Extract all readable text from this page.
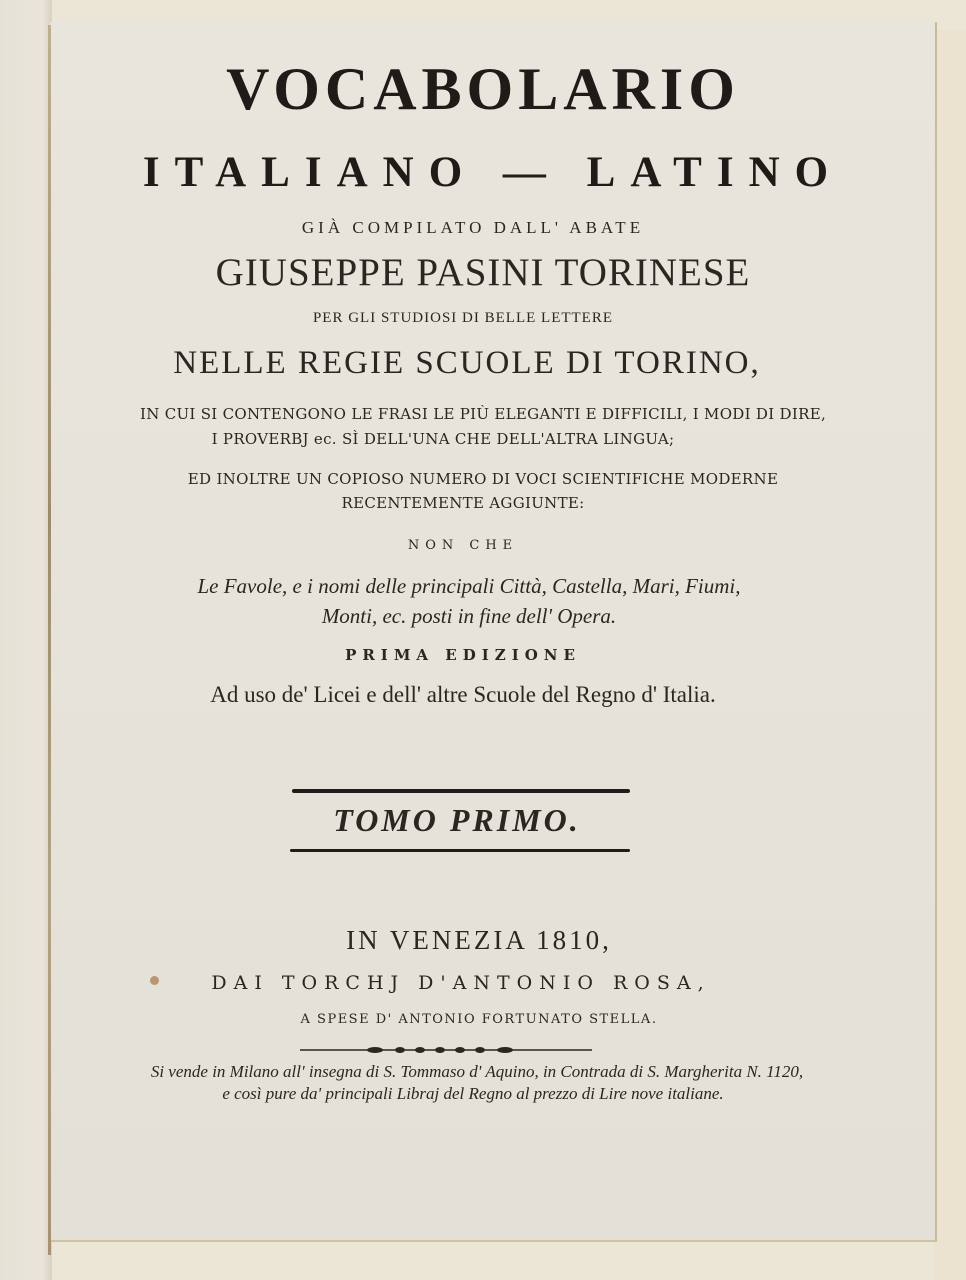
VOCABOLARIO
ITALIANO — LATINO
GIÀ COMPILATO DALL' ABATE
GIUSEPPE PASINI TORINESE
PER GLI STUDIOSI DI BELLE LETTERE
NELLE REGIE SCUOLE DI TORINO,
IN CUI SI CONTENGONO LE FRASI LE PIÙ ELEGANTI E DIFFICILI, I MODI DI DIRE,
I PROVERBJ ec. SÌ DELL'UNA CHE DELL'ALTRA LINGUA;
ED INOLTRE UN COPIOSO NUMERO DI VOCI SCIENTIFICHE MODERNE
RECENTEMENTE AGGIUNTE:
NON CHE
Le Favole, e i nomi delle principali Città, Castella, Mari, Fiumi,
Monti, ec. posti in fine dell' Opera.
PRIMA EDIZIONE
Ad uso de' Licei e dell' altre Scuole del Regno d' Italia.
TOMO PRIMO.
IN VENEZIA 1810,
DAI TORCHJ D'ANTONIO ROSA,
A SPESE D' ANTONIO FORTUNATO STELLA.
Si vende in Milano all' insegna di S. Tommaso d' Aquino, in Contrada di S. Margherita N. 1120,
e così pure da' principali Libraj del Regno al prezzo di Lire nove italiane.
